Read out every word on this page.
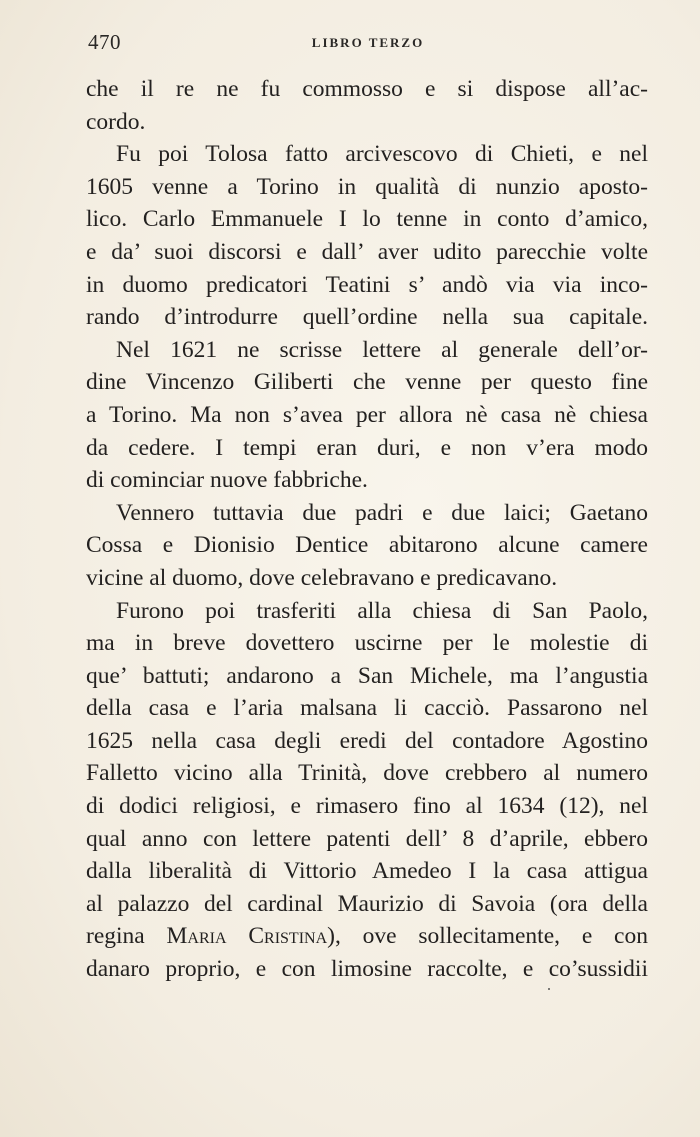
470	LIBRO TERZO
che il re ne fu commosso e si dispose all’ac-
cordo.
Fu poi Tolosa fatto arcivescovo di Chieti, e nel
1605 venne a Torino in qualità di nunzio aposto-
lico. Carlo Emmanuele I lo tenne in conto d’amico,
e da’ suoi discorsi e dall’ aver udito parecchie volte
in duomo predicatori Teatini s’ andò via via inco-
rando d’introdurre quell’ordine nella sua capitale.
Nel 1621 ne scrisse lettere al generale dell’or-
dine Vincenzo Giliberti che venne per questo fine
a Torino. Ma non s’avea per allora nè casa nè chiesa
da cedere. I tempi eran duri, e non v’era modo
di cominciar nuove fabbriche.
Vennero tuttavia due padri e due laici; Gaetano
Cossa e Dionisio Dentice abitarono alcune camere
vicine al duomo, dove celebravano e predicavano.
Furono poi trasferiti alla chiesa di San Paolo,
ma in breve dovettero uscirne per le molestie di
que’ battuti; andarono a San Michele, ma l’angustia
della casa e l’aria malsana li cacciò. Passarono nel
1625 nella casa degli eredi del contadore Agostino
Falletto vicino alla Trinità, dove crebbero al numero
di dodici religiosi, e rimasero fino al 1634 (12), nel
qual anno con lettere patenti dell’ 8 d’aprile, ebbero
dalla liberalità di Vittorio Amedeo I la casa attigua
al palazzo del cardinal Maurizio di Savoia (ora della
regina Maria Cristina), ove sollecitamente, e con
danaro proprio, e con limosine raccolte, e co’sussidii
